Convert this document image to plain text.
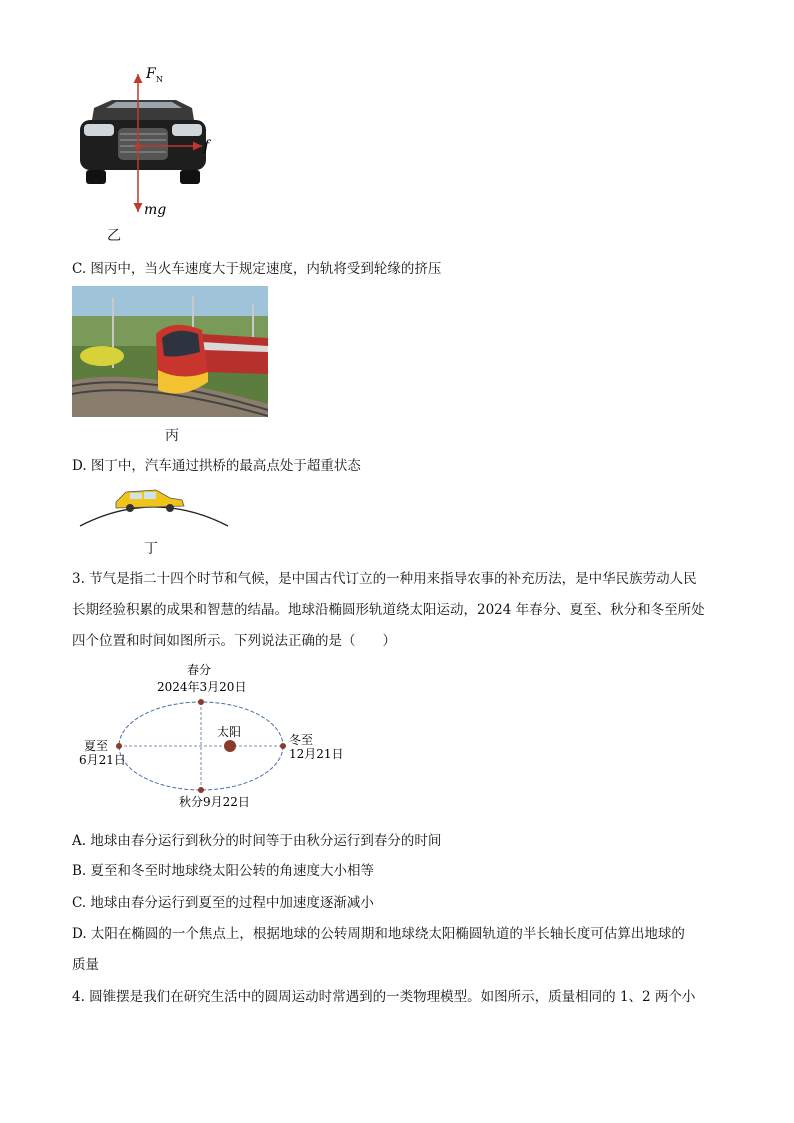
F N
f
mg
乙
C. 图丙中，当火车速度大于规定速度，内轨将受到轮缘的挤压
丙
D. 图丁中，汽车通过拱桥的最高点处于超重状态
丁
3. 节气是指二十四个时节和气候，是中国古代订立的一种用来指导农事的补充历法，是中华民族劳动人民
长期经验积累的成果和智慧的结晶。地球沿椭圆形轨道绕太阳运动，2024 年春分、夏至、秋分和冬至所处
四个位置和时间如图所示。下列说法正确的是（　　）
春分
2024年3月20日
太阳
夏至
6月21日
冬至
12月21日
秋分9月22日
A. 地球由春分运行到秋分的时间等于由秋分运行到春分的时间
B. 夏至和冬至时地球绕太阳公转的角速度大小相等
C. 地球由春分运行到夏至的过程中加速度逐渐减小
D. 太阳在椭圆的一个焦点上，根据地球的公转周期和地球绕太阳椭圆轨道的半长轴长度可估算出地球的
质量
4. 圆锥摆是我们在研究生活中的圆周运动时常遇到的一类物理模型。如图所示，质量相同的 1、2 两个小
